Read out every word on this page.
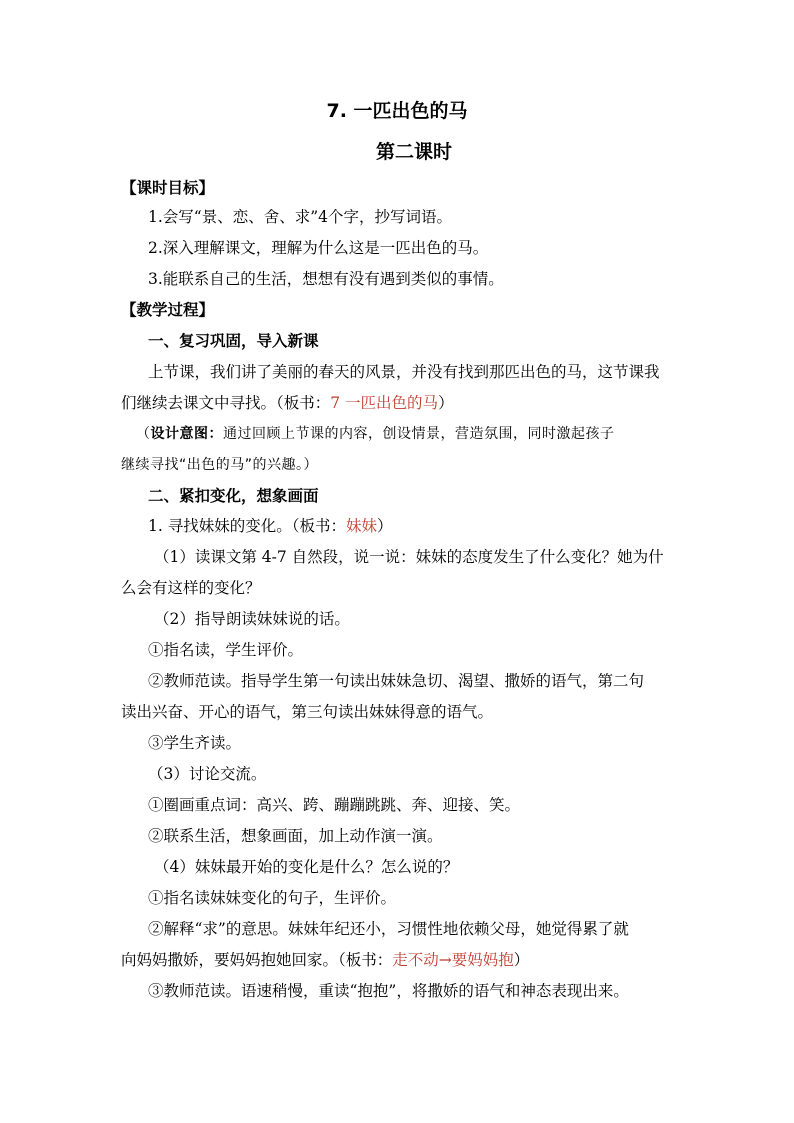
7. 一匹出色的马
第二课时
【课时目标】
1.会写“景、恋、舍、求”4个字，抄写词语。
2.深入理解课文，理解为什么这是一匹出色的马。
3.能联系自己的生活，想想有没有遇到类似的事情。
【教学过程】
一、复习巩固，导入新课
上节课，我们讲了美丽的春天的风景，并没有找到那匹出色的马，这节课我
们继续去课文中寻找。（板书：7 一匹出色的马）
（设计意图：通过回顾上节课的内容，创设情景，营造氛围，同时激起孩子
继续寻找“出色的马”的兴趣。）
二、紧扣变化，想象画面
1. 寻找妹妹的变化。（板书：妹妹）
（1）读课文第 4-7 自然段，说一说：妹妹的态度发生了什么变化？她为什
么会有这样的变化？
（2）指导朗读妹妹说的话。
①指名读，学生评价。
②教师范读。指导学生第一句读出妹妹急切、渴望、撒娇的语气，第二句
读出兴奋、开心的语气，第三句读出妹妹得意的语气。
③学生齐读。
（3）讨论交流。
①圈画重点词：高兴、跨、蹦蹦跳跳、奔、迎接、笑。
②联系生活，想象画面，加上动作演一演。
（4）妹妹最开始的变化是什么？怎么说的？
①指名读妹妹变化的句子，生评价。
②解释“求”的意思。妹妹年纪还小，习惯性地依赖父母，她觉得累了就
向妈妈撒娇，要妈妈抱她回家。（板书：走不动→要妈妈抱）
③教师范读。语速稍慢，重读“抱抱”，将撒娇的语气和神态表现出来。
